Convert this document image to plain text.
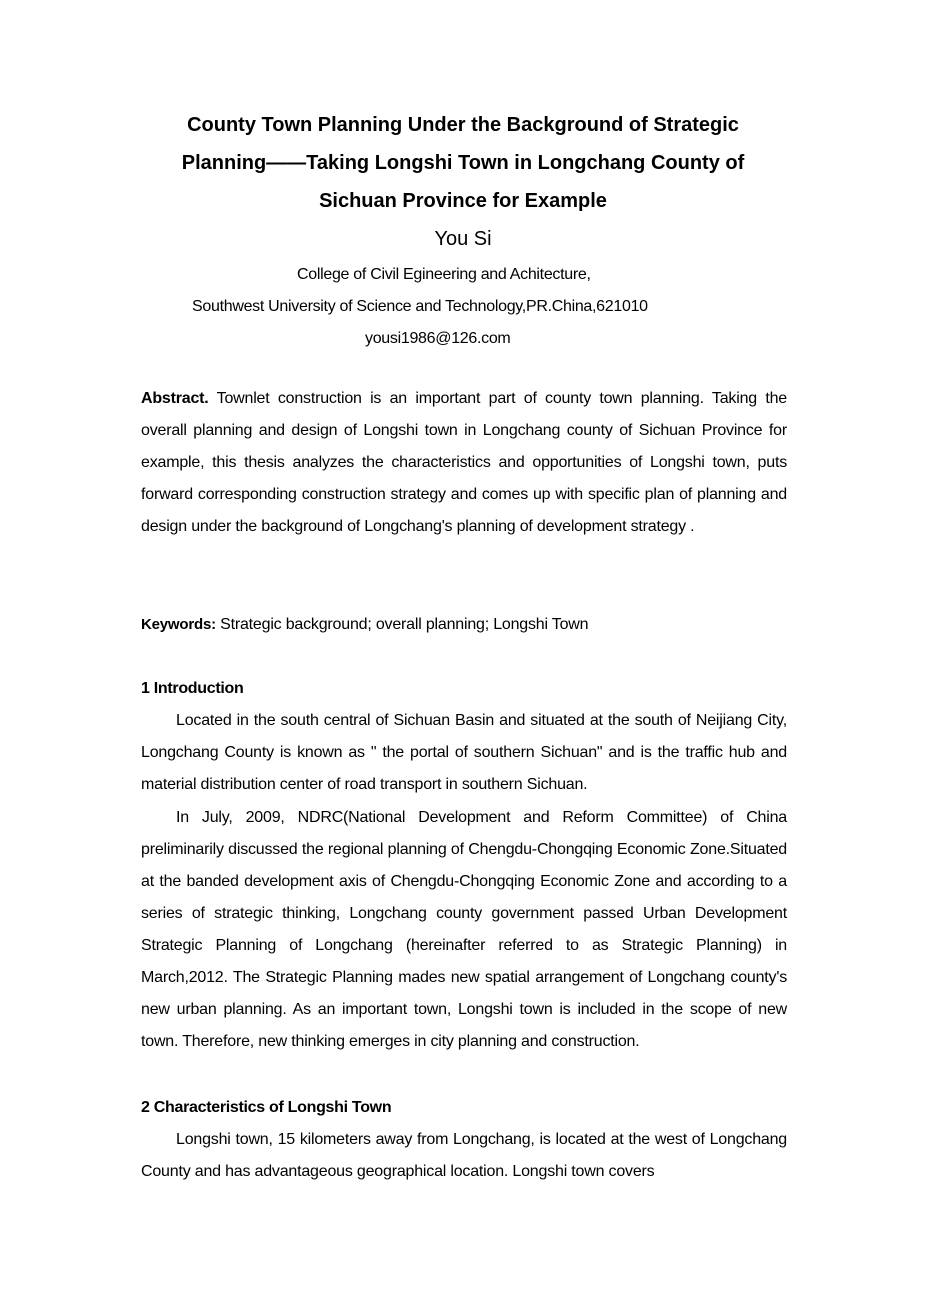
County Town Planning Under the Background of Strategic
Planning——Taking Longshi Town in Longchang County of
Sichuan Province for Example
You Si
College of Civil Egineering and Achitecture,
Southwest University of Science and Technology,PR.China,621010
yousi1986@126.com
Abstract. Townlet construction is an important part of county town planning. Taking the overall planning and design of Longshi town in Longchang county of Sichuan Province for example, this thesis analyzes the characteristics and opportunities of Longshi town, puts forward corresponding construction strategy and comes up with specific plan of planning and design under the background of Longchang's planning of development strategy .
Keywords: Strategic background; overall planning; Longshi Town
1 Introduction
Located in the south central of Sichuan Basin and situated at the south of Neijiang City, Longchang County is known as " the portal of southern Sichuan" and is the traffic hub and material distribution center of road transport in southern Sichuan.
In July, 2009, NDRC(National Development and Reform Committee) of China preliminarily discussed the regional planning of Chengdu-Chongqing Economic Zone.Situated at the banded development axis of Chengdu-Chongqing Economic Zone and according to a series of strategic thinking, Longchang county government passed Urban Development Strategic Planning of Longchang (hereinafter referred to as Strategic Planning) in March,2012. The Strategic Planning mades new spatial arrangement of Longchang county's new urban planning. As an important town, Longshi town is included in the scope of new town. Therefore, new thinking emerges in city planning and construction.
2 Characteristics of Longshi Town
Longshi town, 15 kilometers away from Longchang, is located at the west of Longchang County and has advantageous geographical location. Longshi town covers
